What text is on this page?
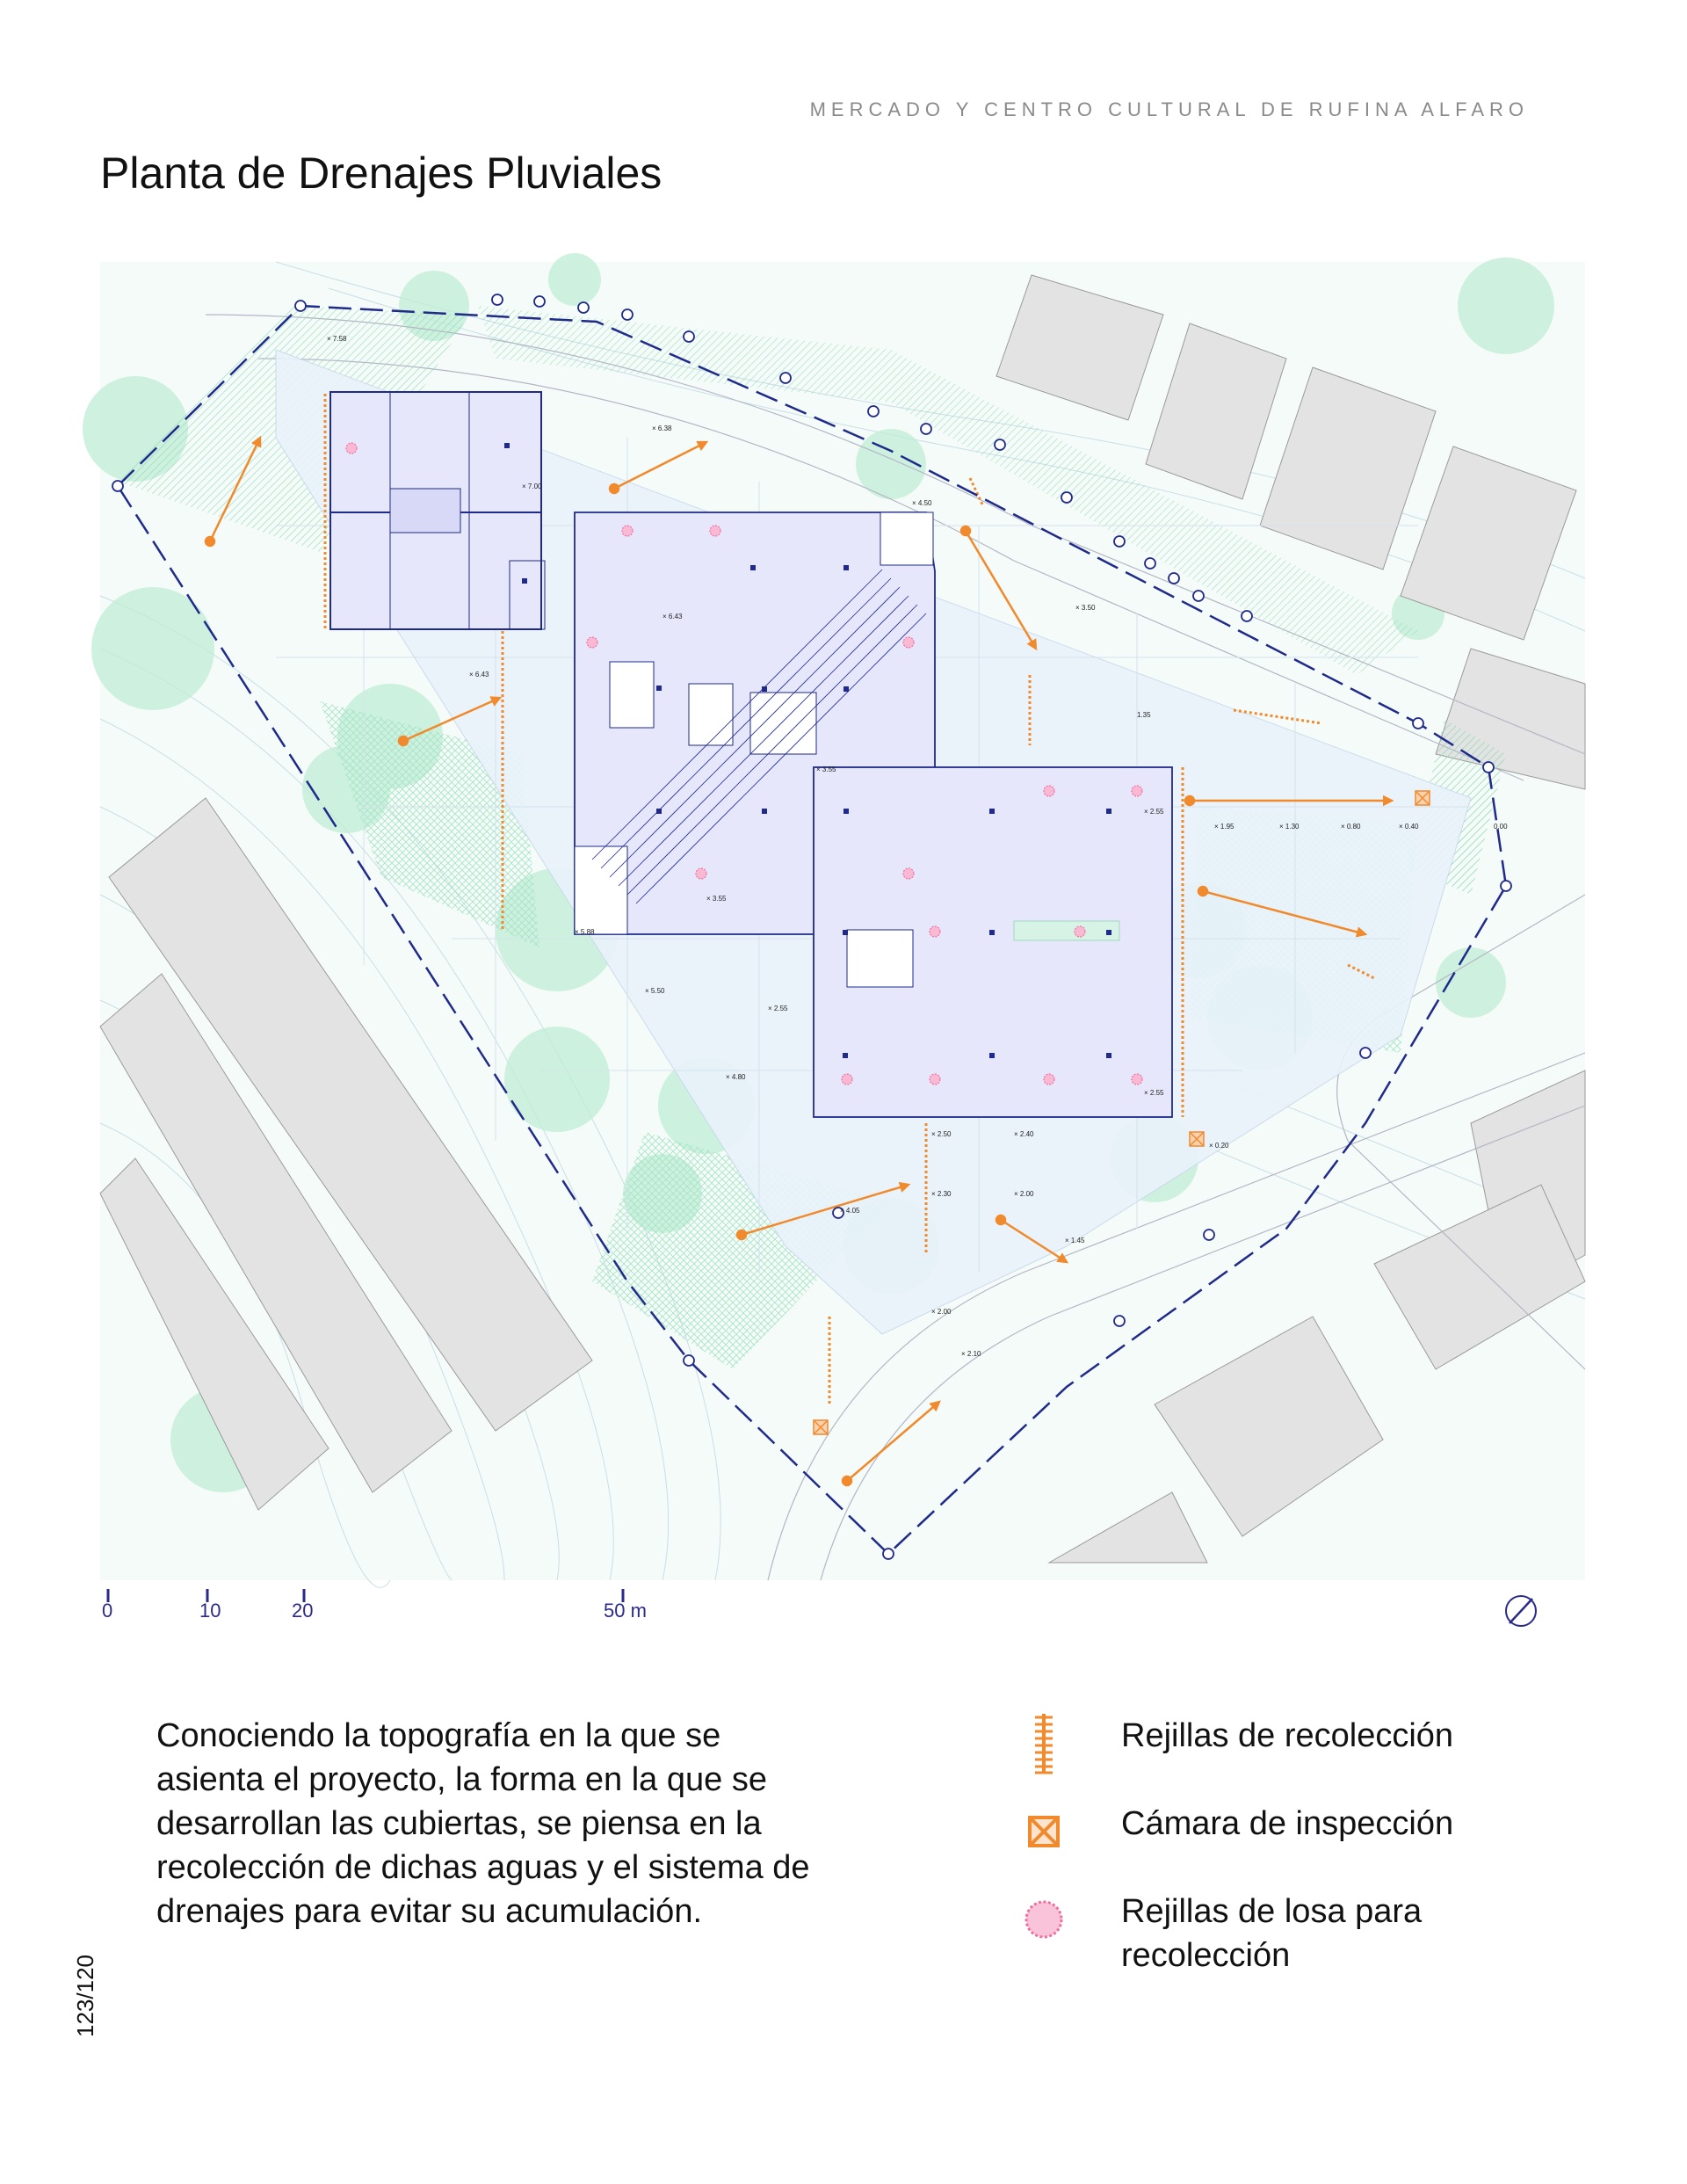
MERCADO Y CENTRO CULTURAL DE RUFINA ALFARO
Planta de Drenajes Pluviales
× 7.58
× 7.00
× 6.38
× 6.43
× 4.50
× 3.50
× 6.43
× 3.55
1.35
× 2.55
× 1.95	× 1.30	× 0.80	× 0.40	0.00
× 3.55
× 5.88
× 5.50
× 2.55
× 4.80
× 2.55
× 2.50	× 2.40
× 2.30	× 2.00
× 4.05
× 1.45
× 2.00
× 2.10
× 0.20
0	10	20	50 m
Conociendo la topografía en la que se asienta el proyecto, la forma en la que se desarrollan las cubiertas, se piensa en la recolección de dichas aguas y el sistema de drenajes para evitar su acumulación.
Rejillas de recolección
Cámara de inspección
Rejillas de losa para recolección
123/120
